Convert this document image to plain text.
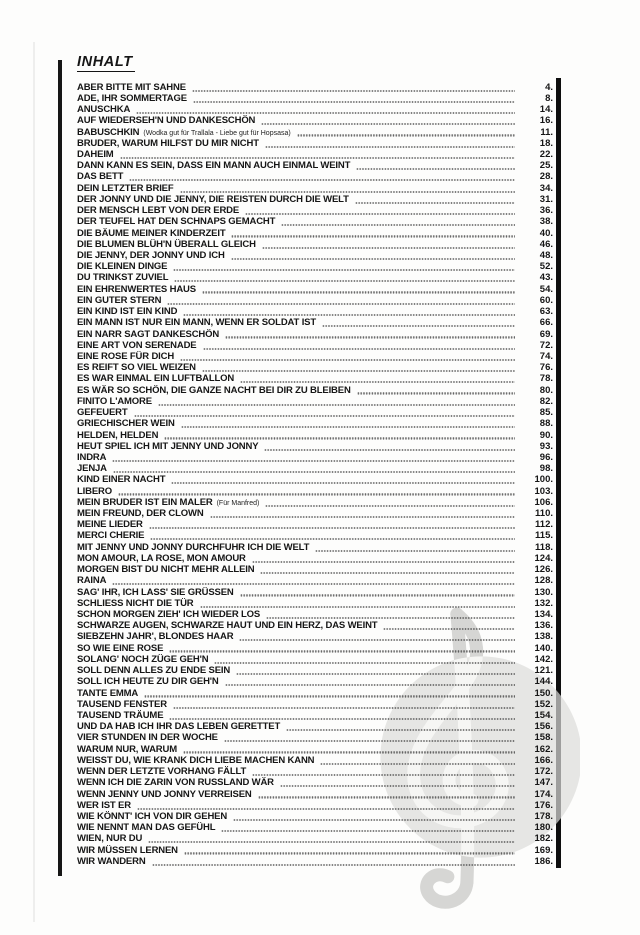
INHALT
ABER BITTE MIT SAHNE	4.
ADE, IHR SOMMERTAGE	8.
ANUSCHKA	14.
AUF WIEDERSEH'N UND DANKESCHÖN	16.
BABUSCHKIN (Wodka gut für Trallala - Liebe gut für Hopsasa)	11.
BRUDER, WARUM HILFST DU MIR NICHT	18.
DAHEIM	22.
DANN KANN ES SEIN, DASS EIN MANN AUCH EINMAL WEINT	25.
DAS BETT	28.
DEIN LETZTER BRIEF	34.
DER JONNY UND DIE JENNY, DIE REISTEN DURCH DIE WELT	31.
DER MENSCH LEBT VON DER ERDE	36.
DER TEUFEL HAT DEN SCHNAPS GEMACHT	38.
DIE BÄUME MEINER KINDERZEIT	40.
DIE BLUMEN BLÜH'N ÜBERALL GLEICH	46.
DIE JENNY, DER JONNY UND ICH	48.
DIE KLEINEN DINGE	52.
DU TRINKST ZUVIEL	43.
EIN EHRENWERTES HAUS	54.
EIN GUTER STERN	60.
EIN KIND IST EIN KIND	63.
EIN MANN IST NUR EIN MANN, WENN ER SOLDAT IST	66.
EIN NARR SAGT DANKESCHÖN	69.
EINE ART VON SERENADE	72.
EINE ROSE FÜR DICH	74.
ES REIFT SO VIEL WEIZEN	76.
ES WAR EINMAL EIN LUFTBALLON	78.
ES WÄR SO SCHÖN, DIE GANZE NACHT BEI DIR ZU BLEIBEN	80.
FINITO L'AMORE	82.
GEFEUERT	85.
GRIECHISCHER WEIN	88.
HELDEN, HELDEN	90.
HEUT SPIEL ICH MIT JENNY UND JONNY	93.
INDRA	96.
JENJA	98.
KIND EINER NACHT	100.
LIBERO	103.
MEIN BRUDER IST EIN MALER (Für Manfred)	106.
MEIN FREUND, DER CLOWN	110.
MEINE LIEDER	112.
MERCI CHERIE	115.
MIT JENNY UND JONNY DURCHFUHR ICH DIE WELT	118.
MON AMOUR, LA ROSE, MON AMOUR	124.
MORGEN BIST DU NICHT MEHR ALLEIN	126.
RAINA	128.
SAG' IHR, ICH LASS' SIE GRÜSSEN	130.
SCHLIESS NICHT DIE TÜR	132.
SCHON MORGEN ZIEH' ICH WIEDER LOS	134.
SCHWARZE AUGEN, SCHWARZE HAUT UND EIN HERZ, DAS WEINT	136.
SIEBZEHN JAHR', BLONDES HAAR	138.
SO WIE EINE ROSE	140.
SOLANG' NOCH ZÜGE GEH'N	142.
SOLL DENN ALLES ZU ENDE SEIN	121.
SOLL ICH HEUTE ZU DIR GEH'N	144.
TANTE EMMA	150.
TAUSEND FENSTER	152.
TAUSEND TRÄUME	154.
UND DA HAB ICH IHR DAS LEBEN GERETTET	156.
VIER STUNDEN IN DER WOCHE	158.
WARUM NUR, WARUM	162.
WEISST DU, WIE KRANK DICH LIEBE MACHEN KANN	166.
WENN DER LETZTE VORHANG FÄLLT	172.
WENN ICH DIE ZARIN VON RUSSLAND WÄR	147.
WENN JENNY UND JONNY VERREISEN	174.
WER IST ER	176.
WIE KÖNNT' ICH VON DIR GEHEN	178.
WIE NENNT MAN DAS GEFÜHL	180.
WIEN, NUR DU	182.
WIR MÜSSEN LERNEN	169.
WIR WANDERN	186.
